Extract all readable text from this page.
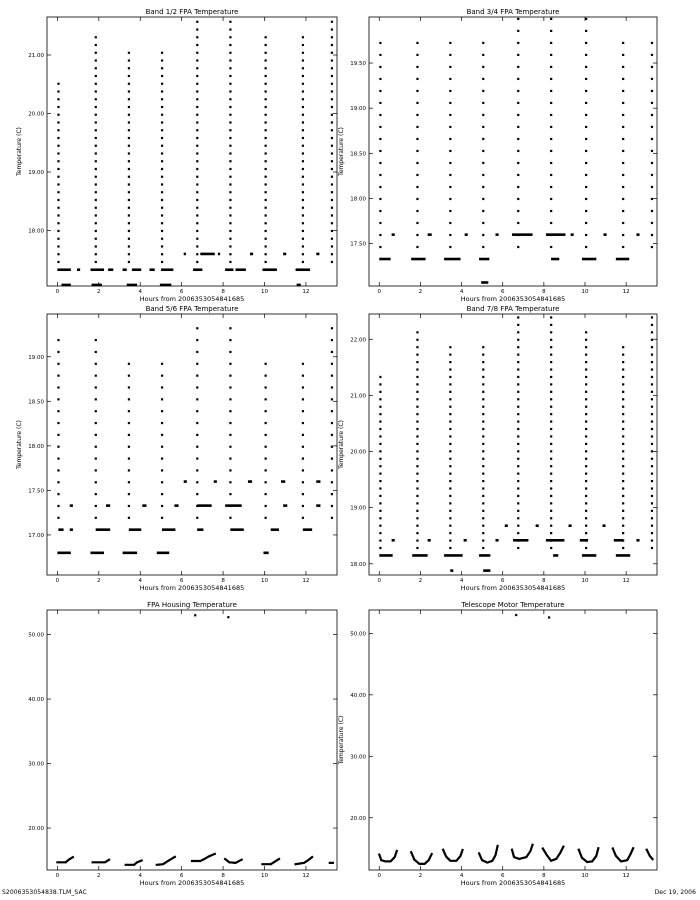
Band 1/2 FPA Temperature
0	2	4	6	8	10	12
18.00
19.00
20.00
21.00
Hours from 2006353054841685
Temperature (C)
Band 3/4 FPA Temperature
0	2	4	6	8	10	12
17.50
18.00
18.50
19.00
19.50
Hours from 2006353054841685
Temperature (C)
Band 5/6 FPA Temperature
0	2	4	6	8	10	12
17.00
17.50
18.00
18.50
19.00
Hours from 2006353054841685
Temperature (C)
Band 7/8 FPA Temperature
0	2	4	6	8	10	12
18.00
19.00
20.00
21.00
22.00
Hours from 2006353054841685
Temperature (C)
FPA Housing Temperature
0	2	4	6	8	10	12
20.00
30.00
40.00
50.00
Hours from 2006353054841685
Telescope Motor Temperature
0	2	4	6	8	10	12
20.00
30.00
40.00
50.00
Hours from 2006353054841685
Temperature (C)
S2006353054838.TLM_SAC	Dec 19, 2006
